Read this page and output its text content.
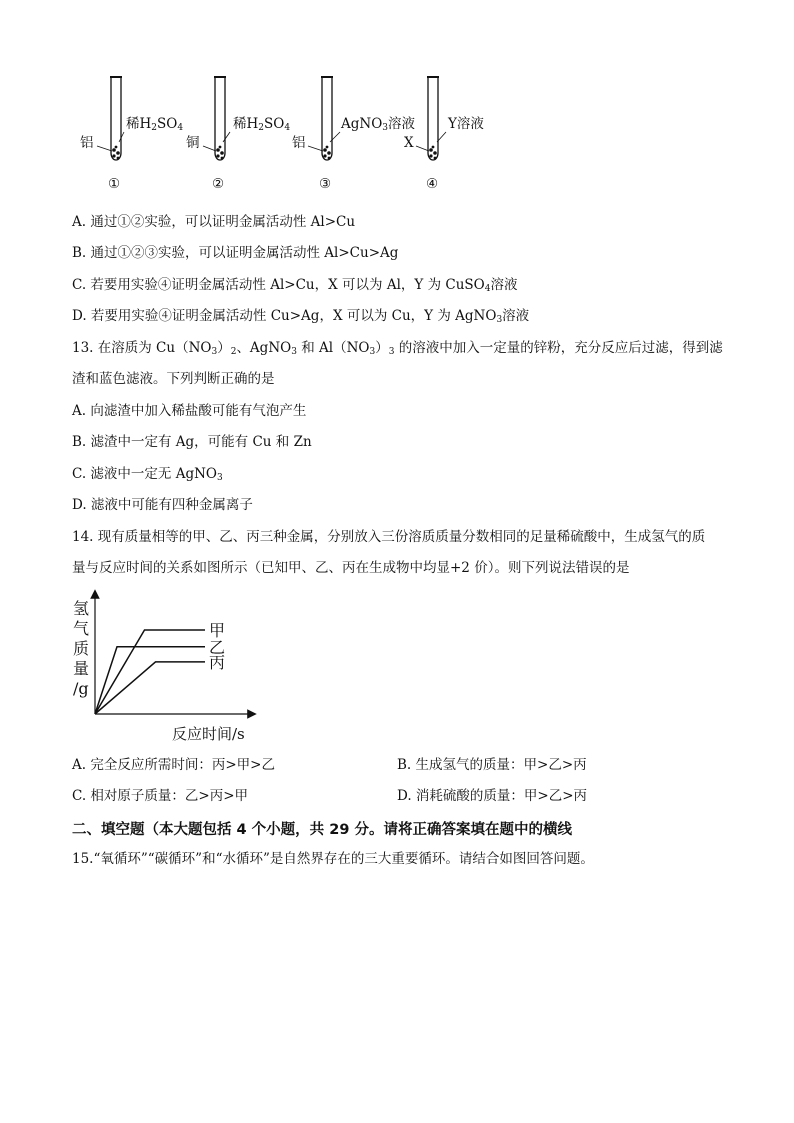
稀$H_2SO_4$
铝
①
稀$H_2SO_4$
铜
②
AgNO$_3$溶液
铝
③
Y溶液
X
④
A. 通过①②实验，可以证明金属活动性 Al>Cu
B. 通过①②③实验，可以证明金属活动性 Al>Cu>Ag
C. 若要用实验④证明金属活动性 Al>Cu，X 可以为 Al，Y 为 CuSO$_4$溶液
D. 若要用实验④证明金属活动性 Cu>Ag，X 可以为 Cu，Y 为 AgNO$_3$溶液
13. 在溶质为 $Cu(NO_3)_2$、AgNO$_3$ 和 $Al(NO_3)_3$ 的溶液中加入一定量的锌粉，充分反应后过滤，得到滤
渣和蓝色滤液。下列判断正确的是
A. 向滤渣中加入稀盐酸可能有气泡产生
B. 滤渣中一定有 Ag，可能有 Cu 和 Zn
C. 滤液中一定无 AgNO$_3$
D. 滤液中可能有四种金属离子
14. 现有质量相等的甲、乙、丙三种金属，分别放入三份溶质质量分数相同的足量稀硫酸中，生成氢气的质
量与反应时间的关系如图所示（已知甲、乙、丙在生成物中均显+2 价）。则下列说法错误的是
甲
乙
丙
氢
气
质
量
/g
反应时间/s
A. 完全反应所需时间：丙>甲>乙	B. 生成氢气的质量：甲>乙>丙
C. 相对原子质量：乙>丙>甲	D. 消耗硫酸的质量：甲>乙>丙
二、填空题（本大题包括 4 个小题，共 29 分。请将正确答案填在题中的横线
15.“氧循环”“碳循环”和“水循环”是自然界存在的三大重要循环。请结合如图回答问题。
